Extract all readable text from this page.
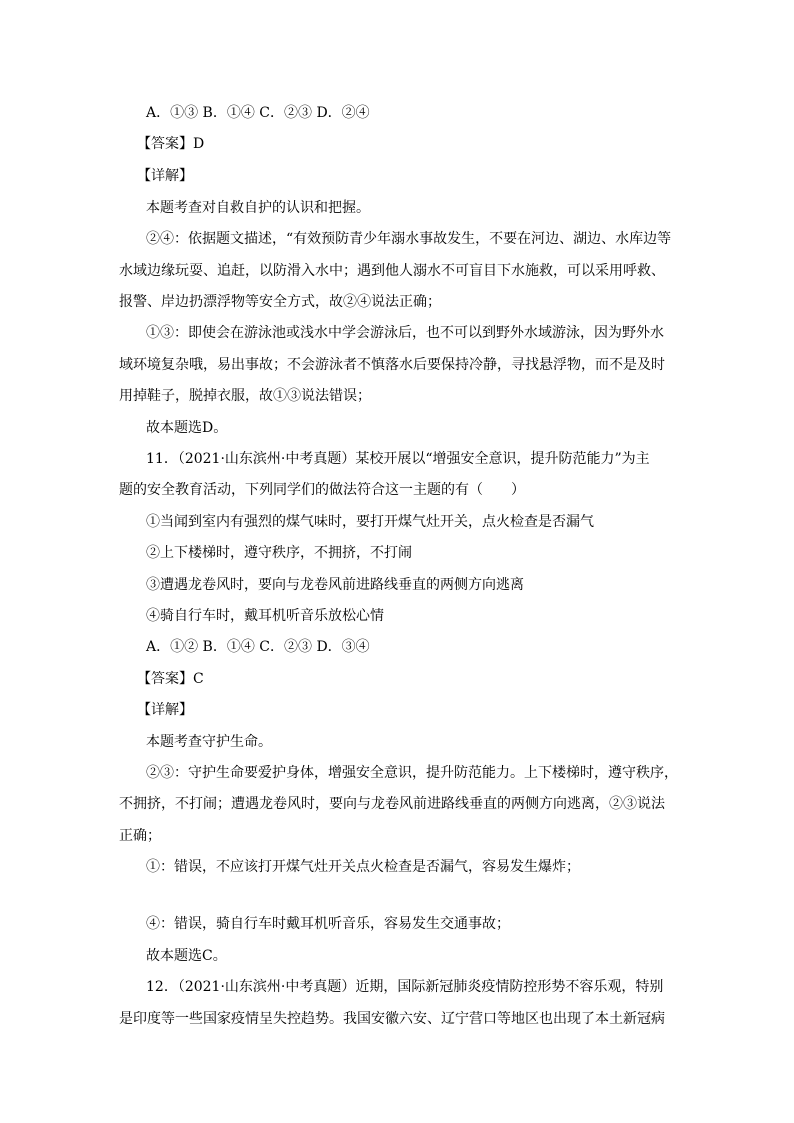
A．①③ B．①④ C．②③ D．②④
【答案】D
【详解】
本题考查对自救自护的认识和把握。
②④：依据题文描述，“有效预防青少年溺水事故发生，不要在河边、湖边、水库边等
水域边缘玩耍、追赶，以防滑入水中；遇到他人溺水不可盲目下水施救，可以采用呼救、
报警、岸边扔漂浮物等安全方式，故②④说法正确；
①③：即使会在游泳池或浅水中学会游泳后，也不可以到野外水域游泳，因为野外水
域环境复杂哦，易出事故；不会游泳者不慎落水后要保持冷静，寻找悬浮物，而不是及时
用掉鞋子，脱掉衣服，故①③说法错误；
故本题选D。
11．（2021·山东滨州·中考真题）某校开展以“增强安全意识，提升防范能力”为主
题的安全教育活动，下列同学们的做法符合这一主题的有（　　）
①当闻到室内有强烈的煤气味时，要打开煤气灶开关，点火检查是否漏气
②上下楼梯时，遵守秩序，不拥挤，不打闹
③遭遇龙卷风时，要向与龙卷风前进路线垂直的两侧方向逃离
④骑自行车时，戴耳机听音乐放松心情
A．①② B．①④ C．②③ D．③④
【答案】C
【详解】
本题考查守护生命。
②③：守护生命要爱护身体，增强安全意识，提升防范能力。上下楼梯时，遵守秩序，
不拥挤，不打闹；遭遇龙卷风时，要向与龙卷风前进路线垂直的两侧方向逃离，②③说法
正确；
①：错误，不应该打开煤气灶开关点火检查是否漏气，容易发生爆炸；
④：错误，骑自行车时戴耳机听音乐，容易发生交通事故；
故本题选C。
12．（2021·山东滨州·中考真题）近期，国际新冠肺炎疫情防控形势不容乐观，特别
是印度等一些国家疫情呈失控趋势。我国安徽六安、辽宁营口等地区也出现了本土新冠病
